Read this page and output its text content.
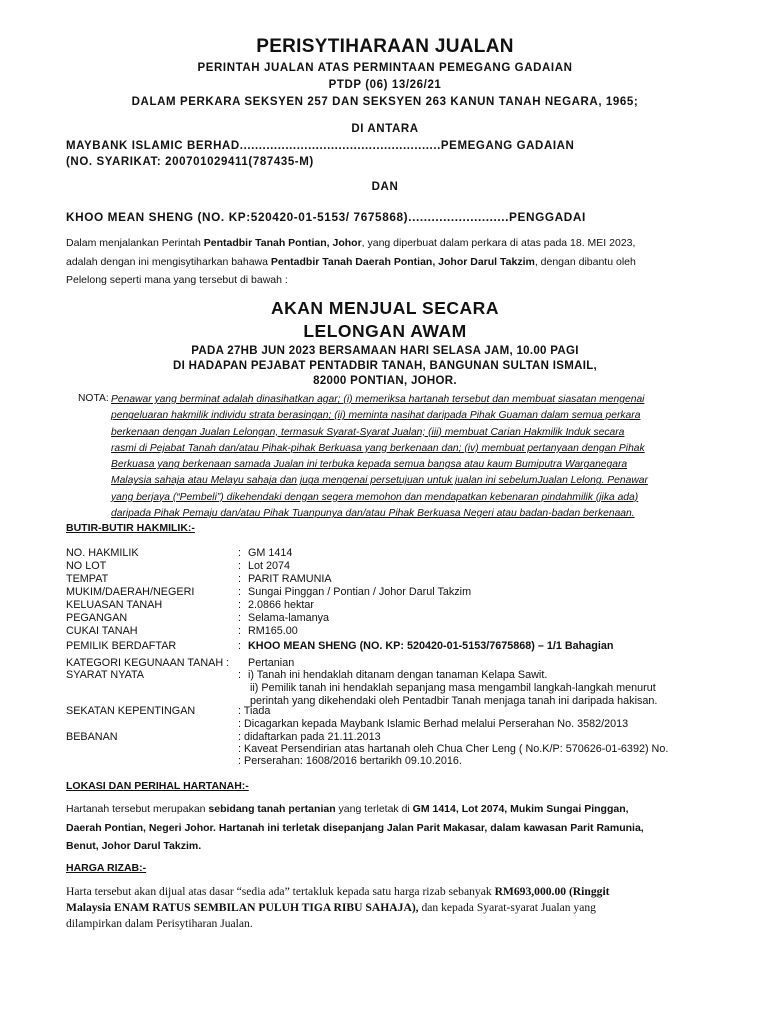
PERISYTIHARAAN JUALAN
PERINTAH JUALAN ATAS PERMINTAAN PEMEGANG GADAIAN
PTDP (06) 13/26/21
DALAM PERKARA SEKSYEN 257 DAN SEKSYEN 263 KANUN TANAH NEGARA, 1965;
DI ANTARA
MAYBANK ISLAMIC BERHAD.....................................................PEMEGANG GADAIAN
(NO. SYARIKAT: 200701029411(787435-M)
DAN
KHOO MEAN SHENG (NO. KP:520420-01-5153/ 7675868)..........................PENGGADAI
Dalam menjalankan Perintah Pentadbir Tanah Pontian, Johor, yang diperbuat dalam perkara di atas pada 18. MEI 2023,
adalah dengan ini mengisytiharkan bahawa Pentadbir Tanah Daerah Pontian, Johor Darul Takzim, dengan dibantu oleh
Pelelong seperti mana yang tersebut di bawah :
AKAN MENJUAL SECARA
LELONGAN AWAM
PADA 27HB JUN 2023 BERSAMAAN HARI SELASA JAM, 10.00 PAGI
DI HADAPAN PEJABAT PENTADBIR TANAH, BANGUNAN SULTAN ISMAIL,
82000 PONTIAN, JOHOR.
NOTA: Penawar yang berminat adalah dinasihatkan agar; (i) memeriksa hartanah tersebut dan membuat siasatan mengenai
pengeluaran hakmilik individu strata berasingan; (ii) meminta nasihat daripada Pihak Guaman dalam semua perkara
berkenaan dengan Jualan Lelongan, termasuk Syarat-Syarat Jualan; (iii) membuat Carian Hakmilik Induk secara
rasmi di Pejabat Tanah dan/atau Pihak-pihak Berkuasa yang berkenaan dan; (iv) membuat pertanyaan dengan Pihak
Berkuasa yang berkenaan samada Jualan ini terbuka kepada semua bangsa atau kaum Bumiputra Warganegara
Malaysia sahaja atau Melayu sahaja dan juga mengenai persetujuan untuk jualan ini sebelumJualan Lelong. Penawar
yang berjaya (“Pembeli”) dikehendaki dengan segera memohon dan mendapatkan kebenaran pindahmilik (jika ada)
daripada Pihak Pemaju dan/atau Pihak Tuanpunya dan/atau Pihak Berkuasa Negeri atau badan-badan berkenaan.
BUTIR-BUTIR HAKMILIK:-
NO. HAKMILIK	: GM 1414
NO LOT	: Lot 2074
TEMPAT	: PARIT RAMUNIA
MUKIM/DAERAH/NEGERI	: Sungai Pinggan / Pontian / Johor Darul Takzim
KELUASAN TANAH	: 2.0866 hektar
PEGANGAN	: Selama-lamanya
CUKAI TANAH	: RM165.00
PEMILIK BERDAFTAR	: KHOO MEAN SHENG (NO. KP: 520420-01-5153/7675868) – 1/1 Bahagian
KATEGORI KEGUNAAN TANAH : Pertanian
SYARAT NYATA	: i) Tanah ini hendaklah ditanam dengan tanaman Kelapa Sawit.
ii) Pemilik tanah ini hendaklah sepanjang masa mengambil langkah-langkah menurut
perintah yang dikehendaki oleh Pentadbir Tanah menjaga tanah ini daripada hakisan.
SEKATAN KEPENTINGAN	: Tiada
: Dicagarkan kepada Maybank Islamic Berhad melalui Perserahan No. 3582/2013
BEBANAN	: didaftarkan pada 21.11.2013
: Kaveat Persendirian atas hartanah oleh Chua Cher Leng ( No.K/P: 570626-01-6392) No.
: Perserahan: 1608/2016 bertarikh 09.10.2016.
LOKASI DAN PERIHAL HARTANAH:-
Hartanah tersebut merupakan sebidang tanah pertanian yang terletak di GM 1414, Lot 2074, Mukim Sungai Pinggan,
Daerah Pontian, Negeri Johor. Hartanah ini terletak disepanjang Jalan Parit Makasar, dalam kawasan Parit Ramunia,
Benut, Johor Darul Takzim.
HARGA RIZAB:-
Harta tersebut akan dijual atas dasar “sedia ada” tertakluk kepada satu harga rizab sebanyak RM693,000.00 (Ringgit
Malaysia ENAM RATUS SEMBILAN PULUH TIGA RIBU SAHAJA), dan kepada Syarat-syarat Jualan yang
dilampirkan dalam Perisytiharan Jualan.
